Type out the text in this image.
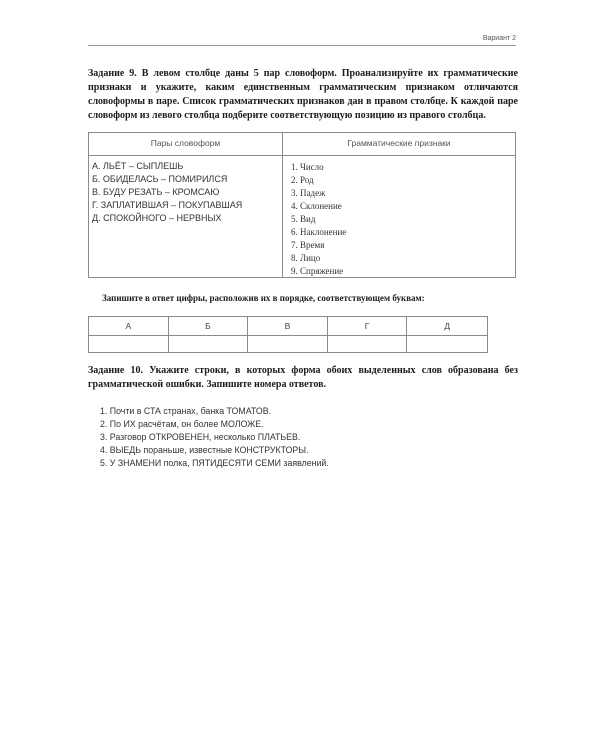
Вариант 2
Задание 9. В левом столбце даны 5 пар словоформ. Проанализируйте их грамматические признаки и укажите, каким единственным грамматическим признаком отличаются словоформы в паре. Список грамматических признаков дан в правом столбце. К каждой паре словоформ из левого столбца подберите соответствующую позицию из правого столбца.
Пары словоформ	Грамматические признаки
А. ЛЬЁТ – СЫПЛЕШЬ
Б. ОБИДЕЛАСЬ – ПОМИРИЛСЯ
В. БУДУ РЕЗАТЬ – КРОМСАЮ
Г. ЗАПЛАТИВШАЯ – ПОКУПАВШАЯ
Д. СПОКОЙНОГО – НЕРВНЫХ
1. Число
2. Род
3. Падеж
4. Склонение
5. Вид
6. Наклонение
7. Время
8. Лицо
9. Спряжение
Запишите в ответ цифры, расположив их в порядке, соответствующем буквам:
А	Б	В	Г	Д
Задание 10. Укажите строки, в которых форма обоих выделенных слов образована без грамматической ошибки. Запишите номера ответов.
1. Почти в СТА странах, банка ТОМАТОВ.
2. По ИХ расчётам, он более МОЛОЖЕ.
3. Разговор ОТКРОВЕНЕН, несколько ПЛАТЬЕВ.
4. ВЫЕДЬ пораньше, известные КОНСТРУКТОРЫ.
5. У ЗНАМЕНИ полка, ПЯТИДЕСЯТИ СЕМИ заявлений.
